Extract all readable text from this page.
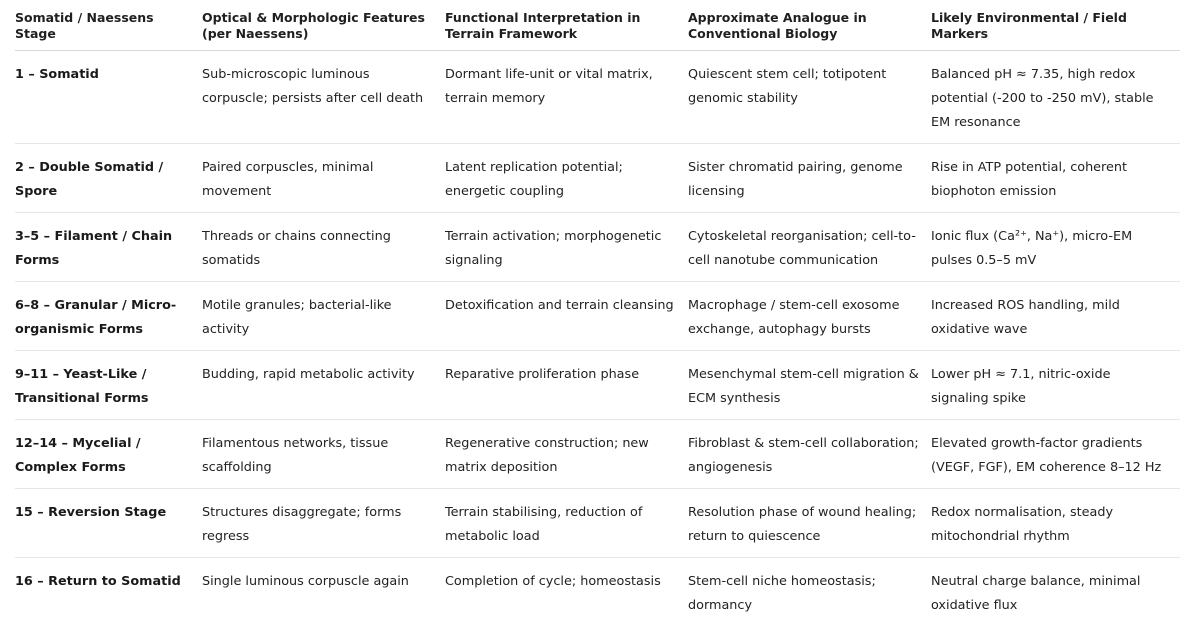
Somatid / Naessens Stage	Optical & Morphologic Features (per Naessens)	Functional Interpretation in Terrain Framework	Approximate Analogue in Conventional Biology	Likely Environmental / Field Markers

1 – Somatid	Sub-microscopic luminous corpuscle; persists after cell death	Dormant life-unit or vital matrix, terrain memory	Quiescent stem cell; totipotent genomic stability	Balanced pH ≈ 7.35, high redox potential (-200 to -250 mV), stable EM resonance

2 – Double Somatid / Spore	Paired corpuscles, minimal movement	Latent replication potential; energetic coupling	Sister chromatid pairing, genome licensing	Rise in ATP potential, coherent biophoton emission

3–5 – Filament / Chain Forms	Threads or chains connecting somatids	Terrain activation; morphogenetic signaling	Cytoskeletal reorganisation; cell-to-cell nanotube communication	Ionic flux (Ca²⁺, Na⁺), micro-EM pulses 0.5–5 mV

6–8 – Granular / Micro-organismic Forms	Motile granules; bacterial-like activity	Detoxification and terrain cleansing	Macrophage / stem-cell exosome exchange, autophagy bursts	Increased ROS handling, mild oxidative wave

9–11 – Yeast-Like / Transitional Forms	Budding, rapid metabolic activity	Reparative proliferation phase	Mesenchymal stem-cell migration & ECM synthesis	Lower pH ≈ 7.1, nitric-oxide signaling spike

12–14 – Mycelial / Complex Forms	Filamentous networks, tissue scaffolding	Regenerative construction; new matrix deposition	Fibroblast & stem-cell collaboration; angiogenesis	Elevated growth-factor gradients (VEGF, FGF), EM coherence 8–12 Hz

15 – Reversion Stage	Structures disaggregate; forms regress	Terrain stabilising, reduction of metabolic load	Resolution phase of wound healing; return to quiescence	Redox normalisation, steady mitochondrial rhythm

16 – Return to Somatid	Single luminous corpuscle again	Completion of cycle; homeostasis	Stem-cell niche homeostasis; dormancy	Neutral charge balance, minimal oxidative flux
